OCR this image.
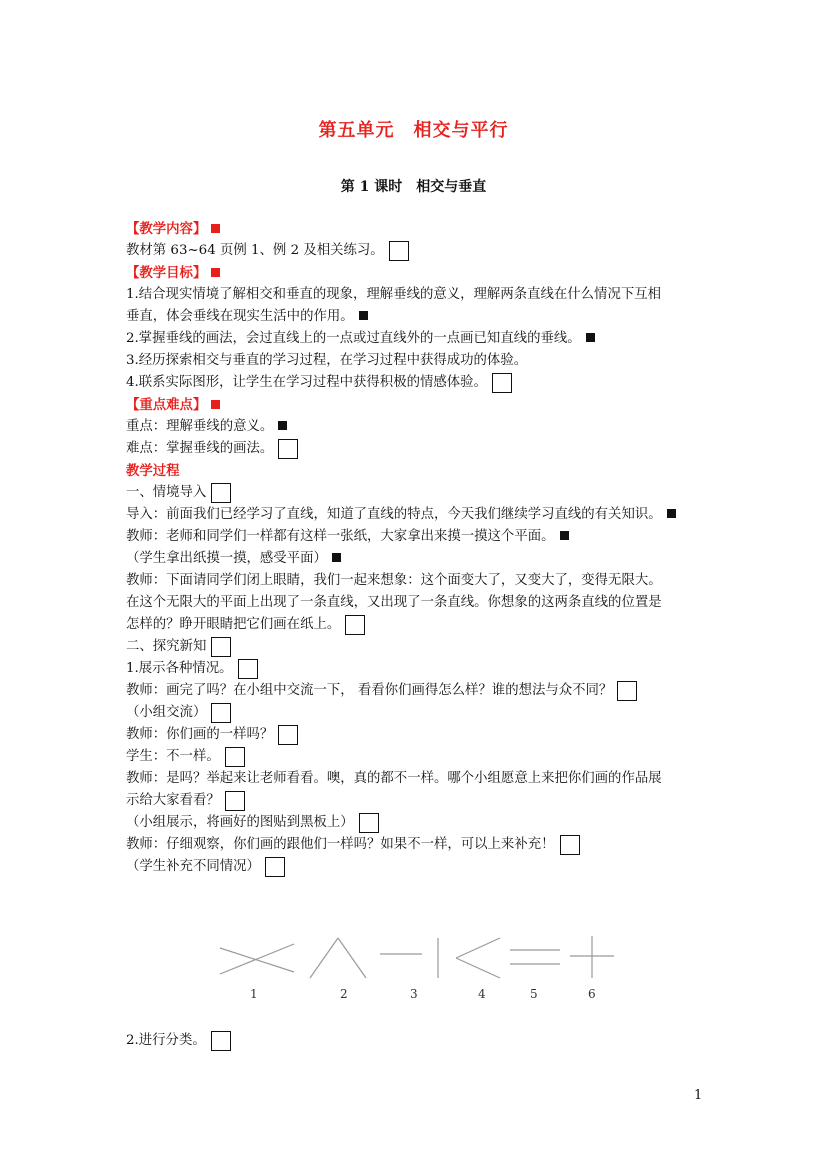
第五单元　相交与平行
第 1 课时　相交与垂直
【教学内容】
教材第 63~64 页例 1、例 2 及相关练习。
【教学目标】
1.结合现实情境了解相交和垂直的现象，理解垂线的意义，理解两条直线在什么情况下互相
垂直，体会垂线在现实生活中的作用。
2.掌握垂线的画法，会过直线上的一点或过直线外的一点画已知直线的垂线。
3.经历探索相交与垂直的学习过程，在学习过程中获得成功的体验。
4.联系实际图形，让学生在学习过程中获得积极的情感体验。
【重点难点】
重点：理解垂线的意义。
难点：掌握垂线的画法。
教学过程
一、情境导入
导入：前面我们已经学习了直线，知道了直线的特点，今天我们继续学习直线的有关知识。
教师：老师和同学们一样都有这样一张纸，大家拿出来摸一摸这个平面。
（学生拿出纸摸一摸，感受平面）
教师：下面请同学们闭上眼睛，我们一起来想象：这个面变大了，又变大了，变得无限大。
在这个无限大的平面上出现了一条直线，又出现了一条直线。你想象的这两条直线的位置是
怎样的？睁开眼睛把它们画在纸上。
二、探究新知
1.展示各种情况。
教师：画完了吗？在小组中交流一下， 看看你们画得怎么样？谁的想法与众不同？
（小组交流）
教师：你们画的一样吗？
学生：不一样。
教师：是吗？举起来让老师看看。噢，真的都不一样。哪个小组愿意上来把你们画的作品展
示给大家看看？
（小组展示，将画好的图贴到黑板上）
教师：仔细观察，你们画的跟他们一样吗？如果不一样，可以上来补充！
（学生补充不同情况）
1	2	3	4	5	6
2.进行分类。
1
